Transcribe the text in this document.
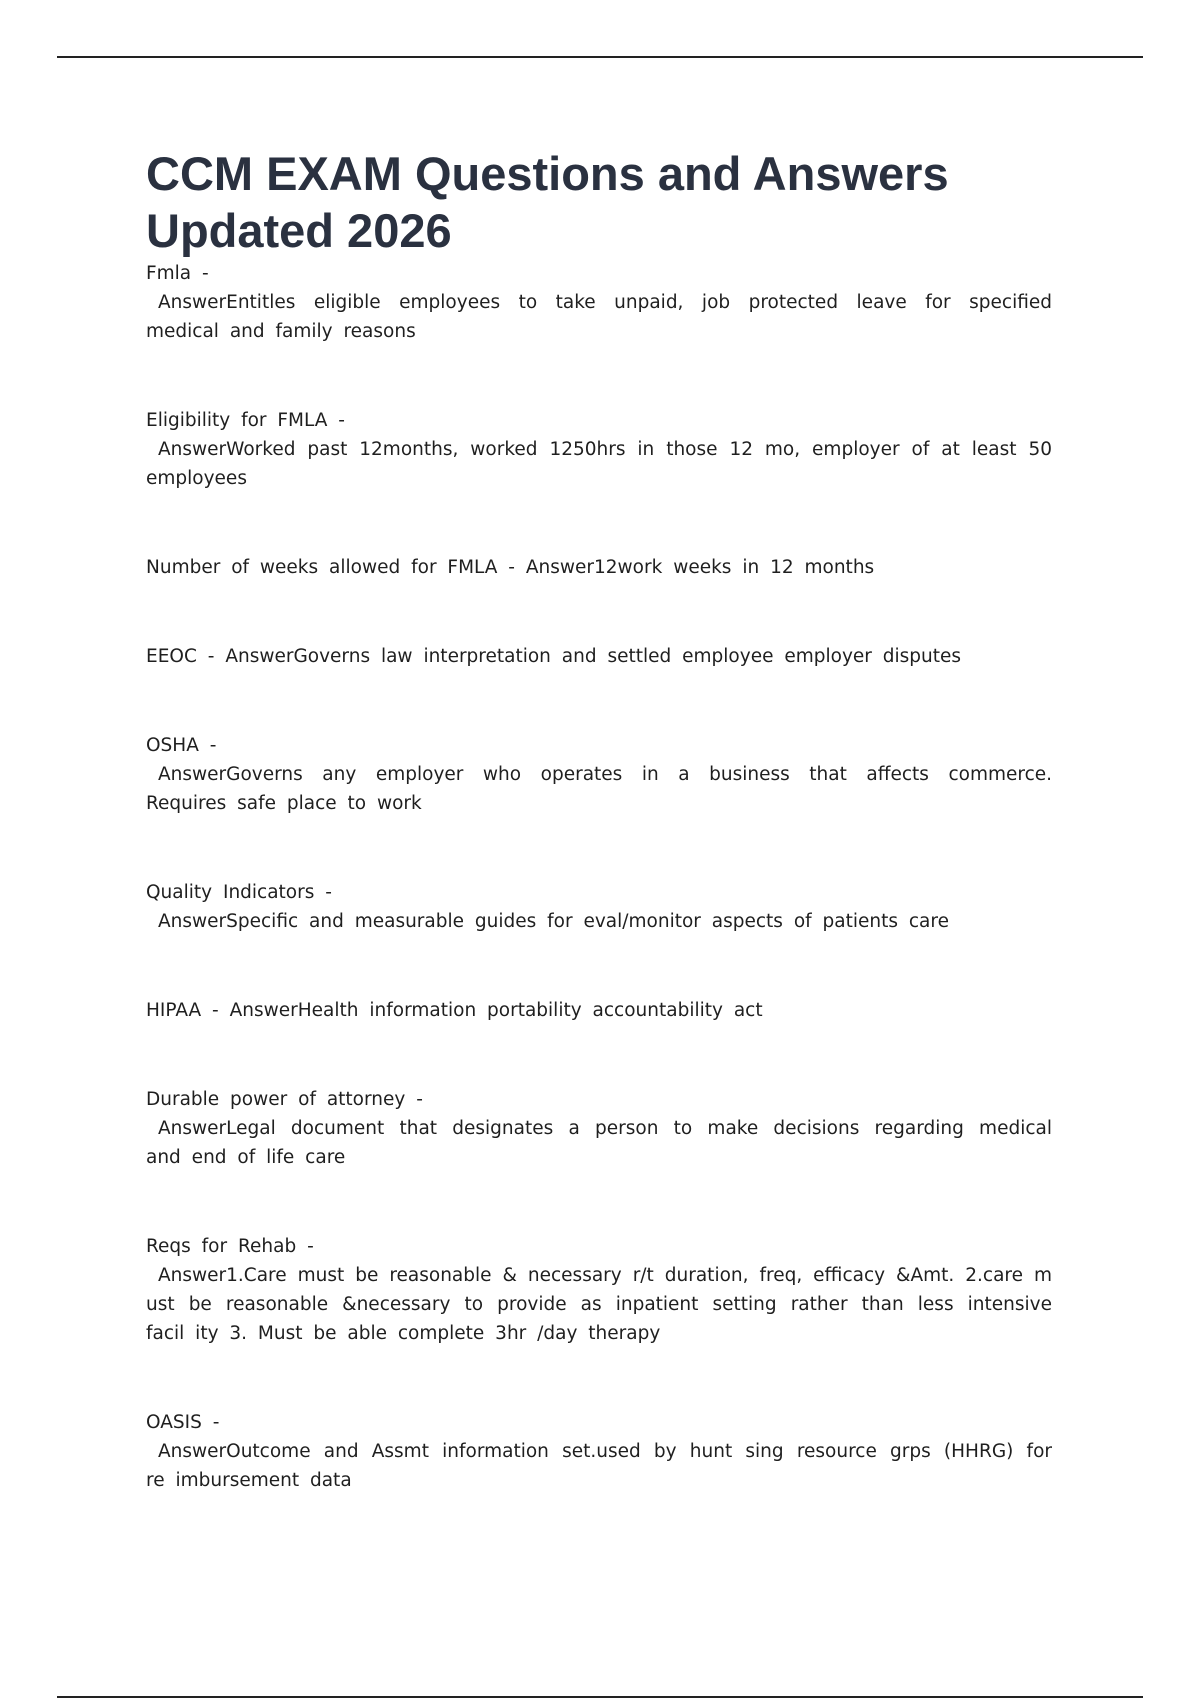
CCM EXAM Questions and Answers
Updated 2026
Fmla -
AnswerEntitles eligible employees to take unpaid, job protected leave for specified medical and family reasons
Eligibility for FMLA -
AnswerWorked past 12months, worked 1250hrs in those 12 mo, employer of at least 50 employees
Number of weeks allowed for FMLA - Answer12work weeks in 12 months
EEOC - AnswerGoverns law interpretation and settled employee employer disputes
OSHA -
AnswerGoverns any employer who operates in a business that affects commerce. Requires safe place to work
Quality Indicators -
AnswerSpecific and measurable guides for eval/monitor aspects of patients care
HIPAA - AnswerHealth information portability accountability act
Durable power of attorney -
AnswerLegal document that designates a person to make decisions regarding medical and end of life care
Reqs for Rehab -
Answer1.Care must be reasonable & necessary r/t duration, freq, efficacy &Amt. 2.care m ust be reasonable &necessary to provide as inpatient setting rather than less intensive facil ity 3. Must be able complete 3hr /day therapy
OASIS -
AnswerOutcome and Assmt information set.used by hunt sing resource grps (HHRG) for re imbursement data
